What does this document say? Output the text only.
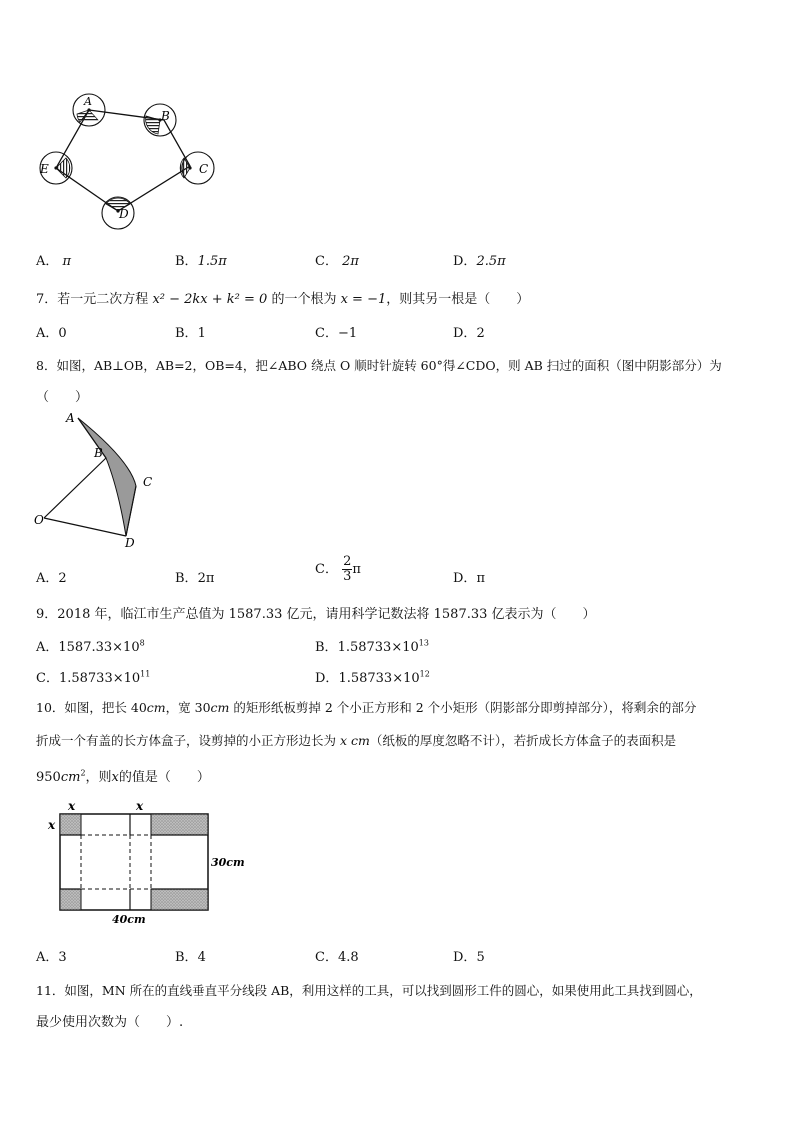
A
B
C
D
E
A． π	B．1.5π	C． 2π	D．2.5π
7．若一元二次方程 x² − 2kx + k² = 0 的一个根为 x = −1，则其另一根是（　　）
A．0	B．1	C．−1	D．2
8．如图，AB⊥OB，AB=2，OB=4，把∠ABO 绕点 O 顺时针旋转 60°得∠CDO，则 AB 扫过的面积（图中阴影部分）为
（　　）
A
B
C
O
D
A．2	B．2π
C． $\frac{2}{3}$ π
D．π
9．2018 年，临江市生产总值为 1587.33 亿元，请用科学记数法将 1587.33 亿表示为（　　）
A．$1587.33\times 10^8$	B．$1.58733\times 10^{13}$
C．$1.58733\times 10^{11}$	D．$1.58733\times 10^{12}$
10．如图，把长 40cm，宽 30cm 的矩形纸板剪掉 2 个小正方形和 2 个小矩形（阴影部分即剪掉部分），将剩余的部分
折成一个有盖的长方体盒子，设剪掉的小正方形边长为 x cm（纸板的厚度忽略不计），若折成长方体盒子的表面积是
$950cm^2$，则x的值是（　　）
x	x
x
30cm
40cm
A．3	B．4	C．4.8	D．5
11．如图，MN 所在的直线垂直平分线段 AB，利用这样的工具，可以找到圆形工件的圆心，如果使用此工具找到圆心，
最少使用次数为（　　）.
